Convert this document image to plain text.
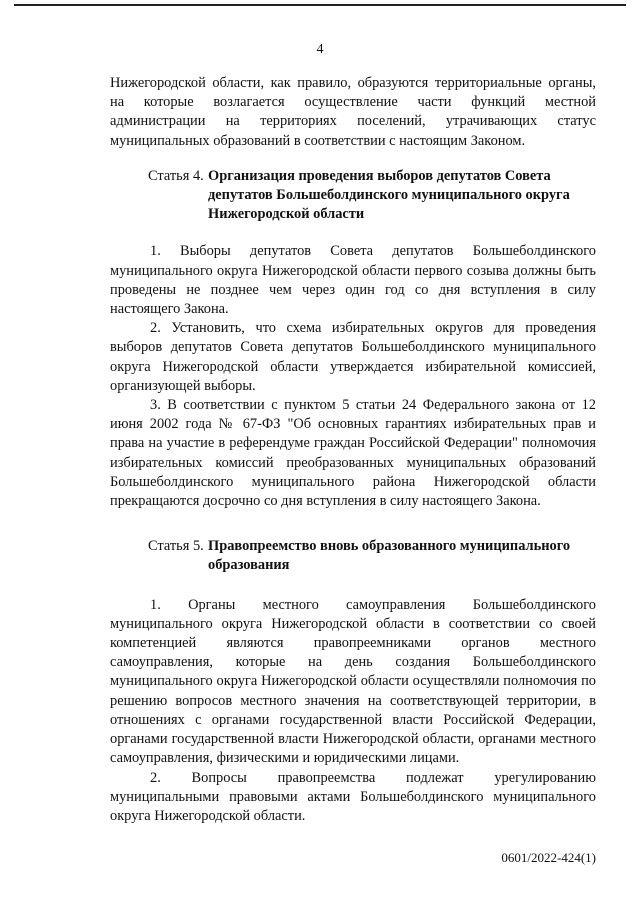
4

Нижегородской области, как правило, образуются территориальные органы, на которые возлагается осуществление части функций местной администрации на территориях поселений, утрачивающих статус муниципальных образований в соответствии с настоящим Законом.

Статья 4. Организация проведения выборов депутатов Совета депутатов Большеболдинского муниципального округа Нижегородской области

1. Выборы депутатов Совета депутатов Большеболдинского муниципального округа Нижегородской области первого созыва должны быть проведены не позднее чем через один год со дня вступления в силу настоящего Закона.

2. Установить, что схема избирательных округов для проведения выборов депутатов Совета депутатов Большеболдинского муниципального округа Нижегородской области утверждается избирательной комиссией, организующей выборы.

3. В соответствии с пунктом 5 статьи 24 Федерального закона от 12 июня 2002 года № 67-ФЗ "Об основных гарантиях избирательных прав и права на участие в референдуме граждан Российской Федерации" полномочия избирательных комиссий преобразованных муниципальных образований Большеболдинского муниципального района Нижегородской области прекращаются досрочно со дня вступления в силу настоящего Закона.

Статья 5. Правопреемство вновь образованного муниципального образования

1. Органы местного самоуправления Большеболдинского муниципального округа Нижегородской области в соответствии со своей компетенцией являются правопреемниками органов местного самоуправления, которые на день создания Большеболдинского муниципального округа Нижегородской области осуществляли полномочия по решению вопросов местного значения на соответствующей территории, в отношениях с органами государственной власти Российской Федерации, органами государственной власти Нижегородской области, органами местного самоуправления, физическими и юридическими лицами.

2. Вопросы правопреемства подлежат урегулированию муниципальными правовыми актами Большеболдинского муниципального округа Нижегородской области.

0601/2022-424(1)
